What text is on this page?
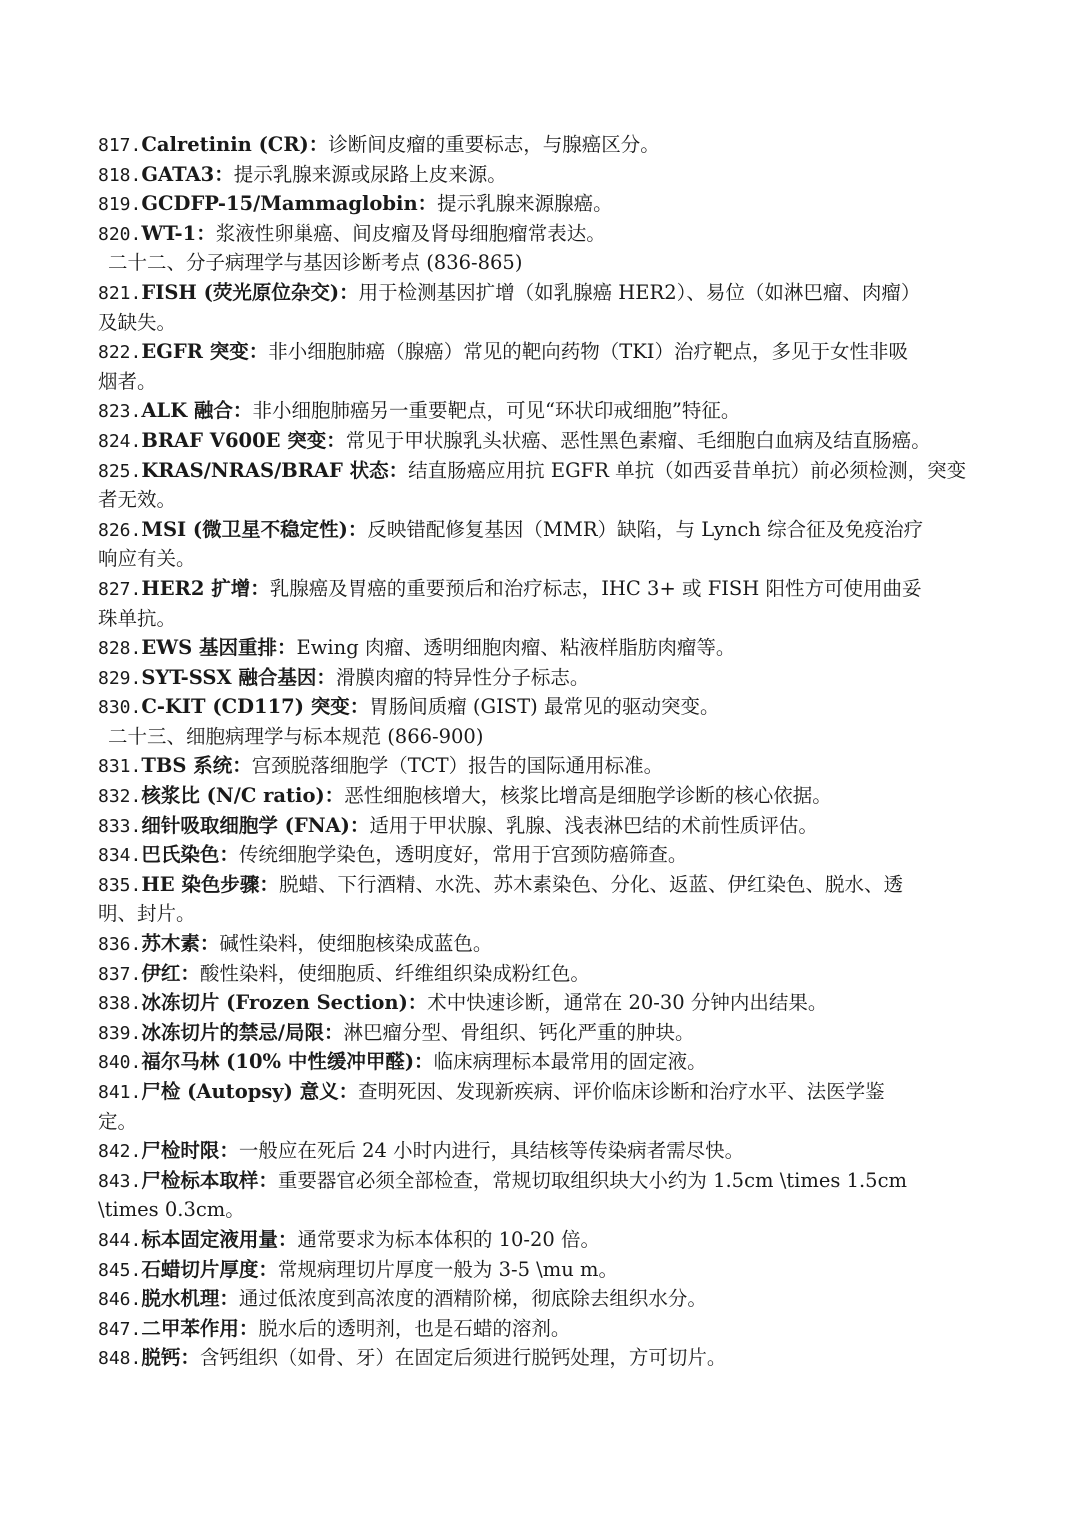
817.Calretinin (CR)：诊断间皮瘤的重要标志，与腺癌区分。
818.GATA3：提示乳腺来源或尿路上皮来源。
819.GCDFP-15/Mammaglobin：提示乳腺来源腺癌。
820.WT-1：浆液性卵巢癌、间皮瘤及肾母细胞瘤常表达。
二十二、分子病理学与基因诊断考点 (836-865)
821.FISH (荧光原位杂交)：用于检测基因扩增（如乳腺癌 HER2）、易位（如淋巴瘤、肉瘤）
及缺失。
822.EGFR 突变：非小细胞肺癌（腺癌）常见的靶向药物（TKI）治疗靶点，多见于女性非吸
烟者。
823.ALK 融合：非小细胞肺癌另一重要靶点，可见“环状印戒细胞”特征。
824.BRAF V600E 突变：常见于甲状腺乳头状癌、恶性黑色素瘤、毛细胞白血病及结直肠癌。
825.KRAS/NRAS/BRAF 状态：结直肠癌应用抗 EGFR 单抗（如西妥昔单抗）前必须检测，突变
者无效。
826.MSI (微卫星不稳定性)：反映错配修复基因（MMR）缺陷，与 Lynch 综合征及免疫治疗
响应有关。
827.HER2 扩增：乳腺癌及胃癌的重要预后和治疗标志，IHC 3+ 或 FISH 阳性方可使用曲妥
珠单抗。
828.EWS 基因重排：Ewing 肉瘤、透明细胞肉瘤、粘液样脂肪肉瘤等。
829.SYT-SSX 融合基因：滑膜肉瘤的特异性分子标志。
830.C-KIT (CD117) 突变：胃肠间质瘤 (GIST) 最常见的驱动突变。
二十三、细胞病理学与标本规范 (866-900)
831.TBS 系统：宫颈脱落细胞学（TCT）报告的国际通用标准。
832.核浆比 (N/C ratio)：恶性细胞核增大，核浆比增高是细胞学诊断的核心依据。
833.细针吸取细胞学 (FNA)：适用于甲状腺、乳腺、浅表淋巴结的术前性质评估。
834.巴氏染色：传统细胞学染色，透明度好，常用于宫颈防癌筛查。
835.HE 染色步骤：脱蜡、下行酒精、水洗、苏木素染色、分化、返蓝、伊红染色、脱水、透
明、封片。
836.苏木素：碱性染料，使细胞核染成蓝色。
837.伊红：酸性染料，使细胞质、纤维组织染成粉红色。
838.冰冻切片 (Frozen Section)：术中快速诊断，通常在 20-30 分钟内出结果。
839.冰冻切片的禁忌/局限：淋巴瘤分型、骨组织、钙化严重的肿块。
840.福尔马林 (10% 中性缓冲甲醛)：临床病理标本最常用的固定液。
841.尸检 (Autopsy) 意义：查明死因、发现新疾病、评价临床诊断和治疗水平、法医学鉴
定。
842.尸检时限：一般应在死后 24 小时内进行，具结核等传染病者需尽快。
843.尸检标本取样：重要器官必须全部检查，常规切取组织块大小约为 1.5cm \times 1.5cm
\times 0.3cm。
844.标本固定液用量：通常要求为标本体积的 10-20 倍。
845.石蜡切片厚度：常规病理切片厚度一般为 3-5 \mu m。
846.脱水机理：通过低浓度到高浓度的酒精阶梯，彻底除去组织水分。
847.二甲苯作用：脱水后的透明剂，也是石蜡的溶剂。
848.脱钙：含钙组织（如骨、牙）在固定后须进行脱钙处理，方可切片。
